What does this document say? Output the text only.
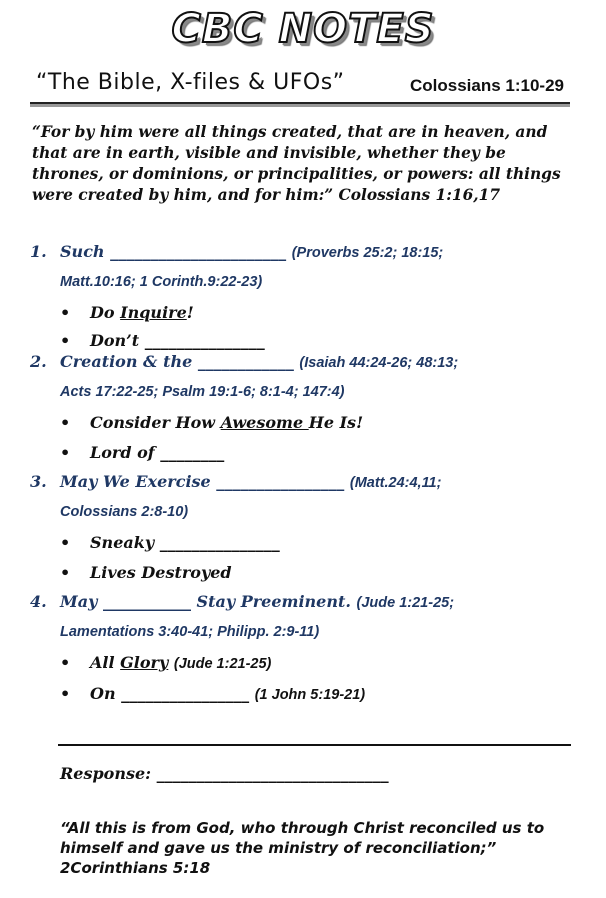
CBC NOTES
“The Bible, X-files & UFOs”	Colossians 1:10-29
“For by him were all things created, that are in heaven, and that are in earth, visible and invisible, whether they be thrones, or dominions, or principalities, or powers: all things were created by him, and for him:” Colossians 1:16,17
1. Such ______________________ (Proverbs 25:2; 18:15;
Matt.10:16; 1 Corinth.9:22-23)
• Do Inquire!
• Don’t _______________
2. Creation & the ____________ (Isaiah 44:24-26; 48:13;
Acts 17:22-25; Psalm 19:1-6; 8:1-4; 147:4)
• Consider How Awesome He Is!
• Lord of ________
3. May We Exercise ________________ (Matt.24:4,11;
Colossians 2:8-10)
• Sneaky _______________
• Lives Destroyed
4. May ___________ Stay Preeminent. (Jude 1:21-25;
Lamentations 3:40-41; Philipp. 2:9-11)
• All Glory (Jude 1:21-25)
• On ________________ (1 John 5:19-21)
Response: _____________________________
“All this is from God, who through Christ reconciled us to himself and gave us the ministry of reconciliation;” 2Corinthians 5:18
